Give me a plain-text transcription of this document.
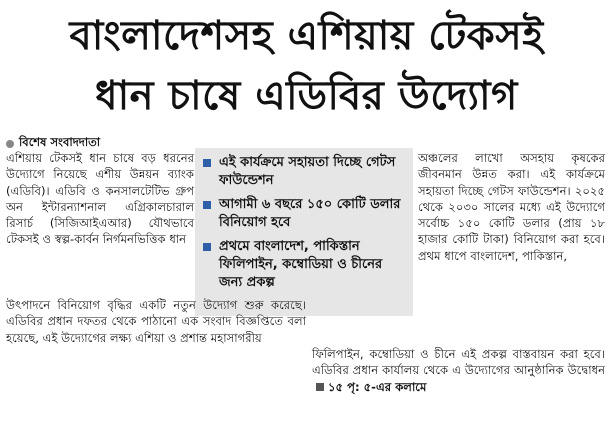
বাংলাদেশসহ এশিয়ায় টেকসই
ধান চাষে এডিবির উদ্যোগ
বিশেষ সংবাদদাতা

এশিয়ায় টেকসই ধান চাষে বড় ধরনের উদ্যোগে নিয়েছে এশীয় উন্নয়ন ব্যাংক (এডিবি)। এডিবি ও কনসালটেটিভ গ্রুপ অন ইন্টারন্যাশনাল এগ্রিকালচারাল রিসার্চ (সিজিআইএআর) যৌথভাবে টেকসই ও স্বল্প-কার্বন নির্গমনভিত্তিক ধান

এই কার্যক্রমে সহায়তা দিচ্ছে গেটস ফাউন্ডেশন
আগামী ৬ বছরে ১৫০ কোটি ডলার বিনিয়োগ হবে
প্রথমে বাংলাদেশ, পাকিস্তান ফিলিপাইন, কম্বোডিয়া ও চীনের জন্য প্রকল্প

অঞ্চলের লাখো অসহায় কৃষকের জীবনমান উন্নত করা। এই কার্যক্রমে সহায়তা দিচ্ছে গেটস ফাউন্ডেশন। ২০২৫ থেকে ২০৩০ সালের মধ্যে এই উদ্যোগে সর্বোচ্চ ১৫০ কোটি ডলার (প্রায় ১৮ হাজার কোটি টাকা) বিনিয়োগ করা হবে। প্রথম ধাপে বাংলাদেশ, পাকিস্তান,

উৎপাদনে বিনিয়োগ বৃদ্ধির একটি নতুন উদ্যোগ শুরু করেছে। এডিবির প্রধান দফতর থেকে পাঠানো এক সংবাদ বিজ্ঞপ্তিতে বলা হয়েছে, এই উদ্যোগের লক্ষ্য এশিয়া ও প্রশান্ত মহাসাগরীয়

ফিলিপাইন, কম্বোডিয়া ও চীনে এই প্রকল্প বাস্তবায়ন করা হবে। এডিবির প্রধান কার্যালয় থেকে এ উদ্যোগের আনুষ্ঠানিক উদ্বোধন
১৫ পৃ: ৫-এর কলামে
